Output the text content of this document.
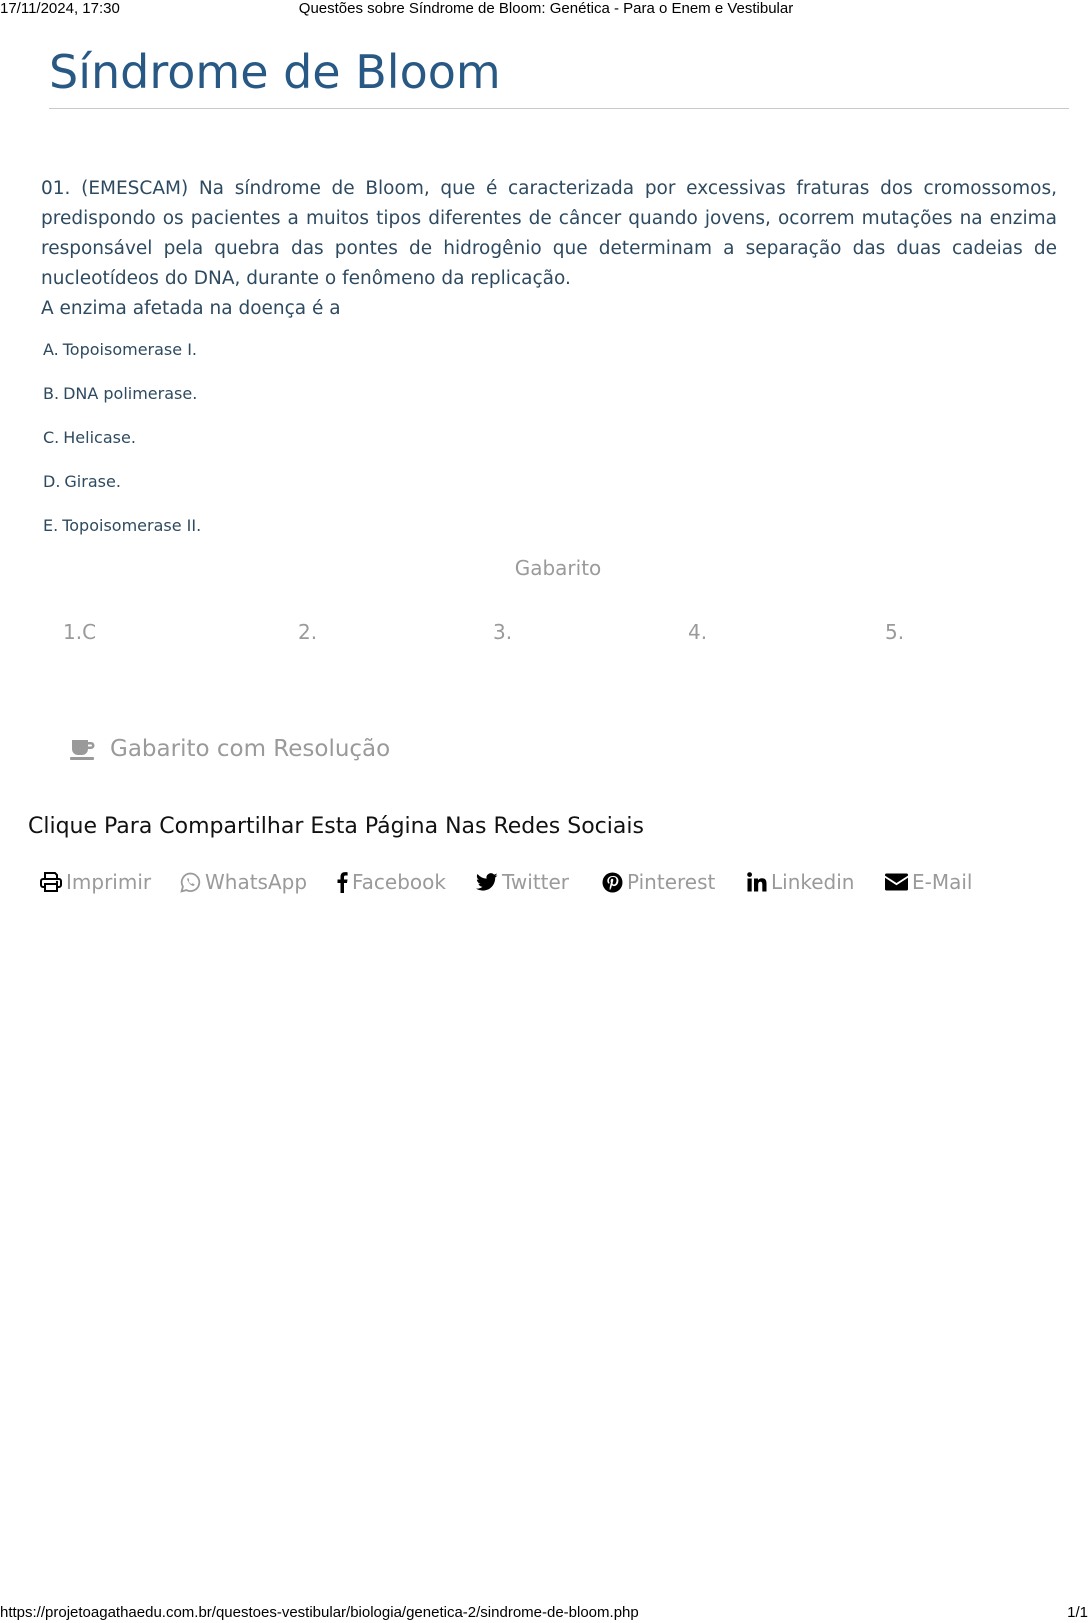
17/11/2024, 17:30	Questões sobre Síndrome de Bloom: Genética - Para o Enem e Vestibular
Síndrome de Bloom

01. (EMESCAM) Na síndrome de Bloom, que é caracterizada por excessivas fraturas dos cromossomos, predispondo os pacientes a muitos tipos diferentes de câncer quando jovens, ocorrem mutações na enzima responsável pela quebra das pontes de hidrogênio que determinam a separação das duas cadeias de nucleotídeos do DNA, durante o fenômeno da replicação.

A enzima afetada na doença é a

A. Topoisomerase I.
B. DNA polimerase.
C. Helicase.
D. Girase.
E. Topoisomerase II.
Gabarito
1.C	2.	3.	4.	5.
Gabarito com Resolução
Clique Para Compartilhar Esta Página Nas Redes Sociais
Imprimir	WhatsApp Facebook	Twitter	Pinterest	Linkedin	E-Mail
https://projetoagathaedu.com.br/questoes-vestibular/biologia/genetica-2/sindrome-de-bloom.php	1/1
